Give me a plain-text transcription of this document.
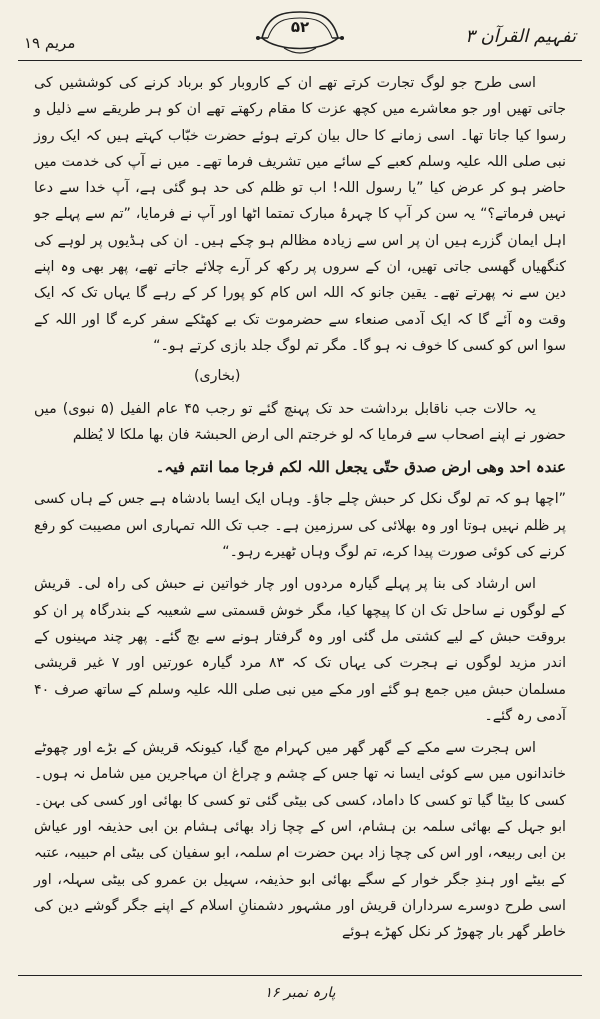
مریم ۱۹
۵۲	تفہیم القرآن ۳

اسی طرح جو لوگ تجارت کرتے تھے ان کے کاروبار کو برباد کرنے کی کوششیں کی جاتی تھیں اور جو معاشرے میں کچھ عزت کا مقام رکھتے تھے ان کو ہر طریقے سے ذلیل و رسوا کیا جاتا تھا۔ اسی زمانے کا حال بیان کرتے ہوئے حضرت خبّاب کہتے ہیں کہ ایک روز نبی صلی اللہ علیہ وسلم کعبے کے سائے میں تشریف فرما تھے۔ میں نے آپ کی خدمت میں حاضر ہو کر عرض کیا ”یا رسول اللہ! اب تو ظلم کی حد ہو گئی ہے، آپ خدا سے دعا نہیں فرماتے؟“ یہ سن کر آپ کا چہرۂ مبارک تمتما اٹھا اور آپ نے فرمایا، ”تم سے پہلے جو اہل ایمان گزرے ہیں ان پر اس سے زیادہ مظالم ہو چکے ہیں۔ ان کی ہڈیوں پر لوہے کی کنگھیاں گھسی جاتی تھیں، ان کے سروں پر رکھ کر آرے چلائے جاتے تھے، پھر بھی وہ اپنے دین سے نہ پھرتے تھے۔ یقین جانو کہ اللہ اس کام کو پورا کر کے رہے گا یہاں تک کہ ایک وقت وہ آئے گا کہ ایک آدمی صنعاء سے حضرموت تک بے کھٹکے سفر کرے گا اور اللہ کے سوا اس کو کسی کا خوف نہ ہو گا۔ مگر تم لوگ جلد بازی کرتے ہو۔“

(بخاری)

یہ حالات جب ناقابل برداشت حد تک پہنچ گئے تو رجب ۴۵ عام الفیل (۵ نبوی) میں حضور نے اپنے اصحاب سے فرمایا کہ لو خرجتم الی ارض الحبشۃ فان بھا ملکا لا یُظلم

عندہ احد وھی ارض صدق حتّی یجعل اللہ لکم فرجا مما انتم فیہ۔

”اچھا ہو کہ تم لوگ نکل کر حبش چلے جاؤ۔ وہاں ایک ایسا بادشاہ ہے جس کے ہاں کسی پر ظلم نہیں ہوتا اور وہ بھلائی کی سرزمین ہے۔ جب تک اللہ تمہاری اس مصیبت کو رفع کرنے کی کوئی صورت پیدا کرے، تم لوگ وہاں ٹھیرے رہو۔“

اس ارشاد کی بنا پر پہلے گیارہ مردوں اور چار خواتین نے حبش کی راہ لی۔ قریش کے لوگوں نے ساحل تک ان کا پیچھا کیا، مگر خوش قسمتی سے شعیبہ کے بندرگاہ پر ان کو بروقت حبش کے لیے کشتی مل گئی اور وہ گرفتار ہونے سے بچ گئے۔ پھر چند مہینوں کے اندر مزید لوگوں نے ہجرت کی یہاں تک کہ ۸۳ مرد گیارہ عورتیں اور ۷ غیر قریشی مسلمان حبش میں جمع ہو گئے اور مکے میں نبی صلی اللہ علیہ وسلم کے ساتھ صرف ۴۰ آدمی رہ گئے۔

اس ہجرت سے مکے کے گھر گھر میں کہرام مچ گیا، کیونکہ قریش کے بڑے اور چھوٹے خاندانوں میں سے کوئی ایسا نہ تھا جس کے چشم و چراغ ان مہاجرین میں شامل نہ ہوں۔ کسی کا بیٹا گیا تو کسی کا داماد، کسی کی بیٹی گئی تو کسی کا بھائی اور کسی کی بہن۔ ابو جہل کے بھائی سلمہ بن ہشام، اس کے چچا زاد بھائی ہشام بن ابی حذیفہ اور عیاش بن ابی ربیعہ، اور اس کی چچا زاد بہن حضرت ام سلمہ، ابو سفیان کی بیٹی ام حبیبہ، عتبہ کے بیٹے اور ہندِ جگر خوار کے سگے بھائی ابو حذیفہ، سہیل بن عمرو کی بیٹی سہلہ، اور اسی طرح دوسرے سرداران قریش اور مشہور دشمنانِ اسلام کے اپنے جگر گوشے دین کی خاطر گھر بار چھوڑ کر نکل کھڑے ہوئے

پارہ نمبر ۱۶
